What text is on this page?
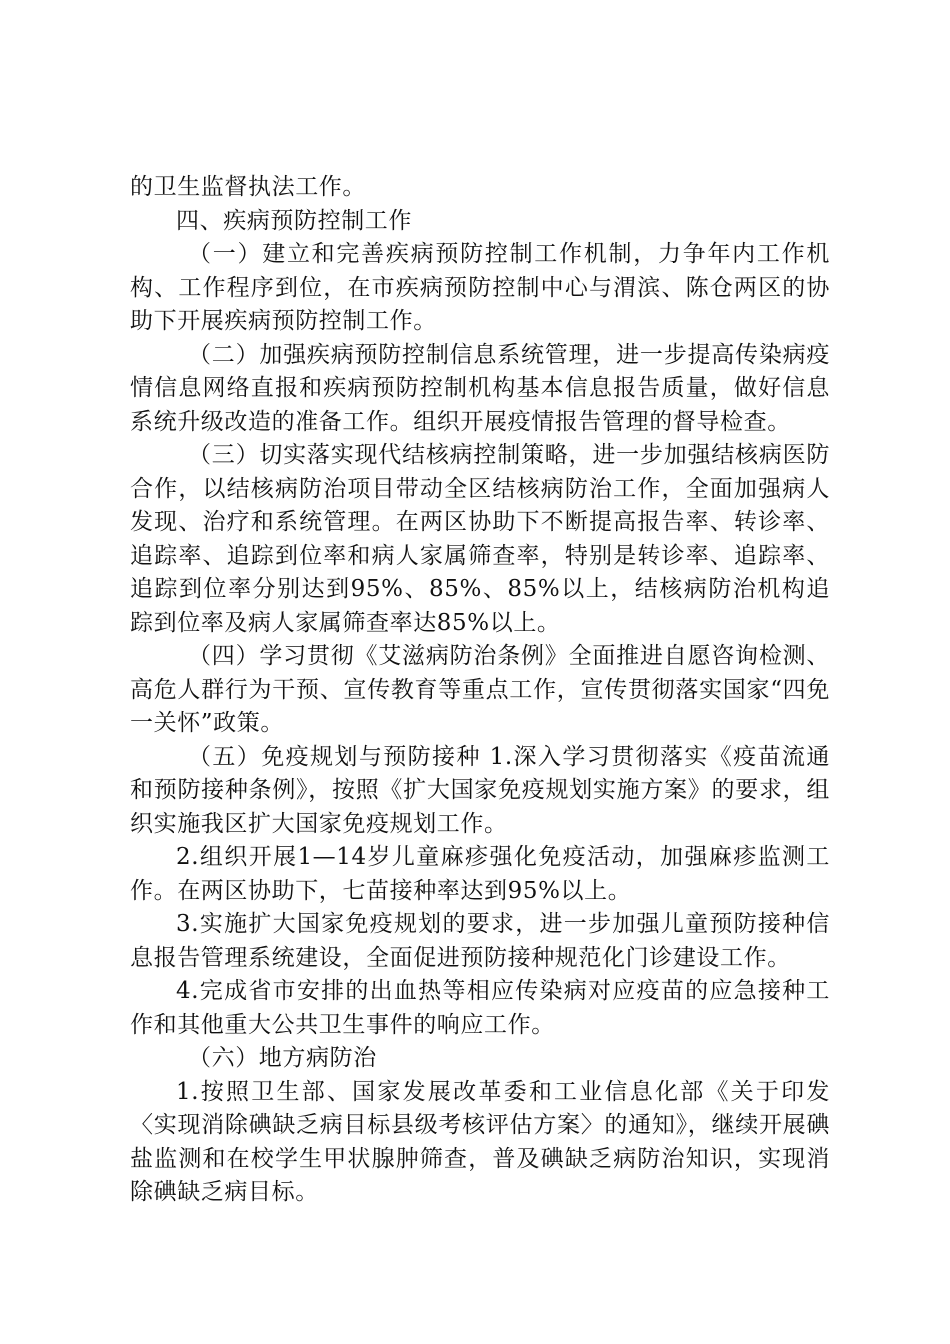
的卫生监督执法工作。

四、疾病预防控制工作

（一）建立和完善疾病预防控制工作机制，力争年内工作机构、工作程序到位，在市疾病预防控制中心与渭滨、陈仓两区的协助下开展疾病预防控制工作。

（二）加强疾病预防控制信息系统管理，进一步提高传染病疫情信息网络直报和疾病预防控制机构基本信息报告质量，做好信息系统升级改造的准备工作。组织开展疫情报告管理的督导检查。

（三）切实落实现代结核病控制策略，进一步加强结核病医防合作，以结核病防治项目带动全区结核病防治工作，全面加强病人发现、治疗和系统管理。在两区协助下不断提高报告率、转诊率、追踪率、追踪到位率和病人家属筛查率，特别是转诊率、追踪率、追踪到位率分别达到95%、85%、85%以上，结核病防治机构追踪到位率及病人家属筛查率达85%以上。

（四）学习贯彻《艾滋病防治条例》全面推进自愿咨询检测、高危人群行为干预、宣传教育等重点工作，宣传贯彻落实国家“四免一关怀”政策。

（五）免疫规划与预防接种 1.深入学习贯彻落实《疫苗流通和预防接种条例》，按照《扩大国家免疫规划实施方案》的要求，组织实施我区扩大国家免疫规划工作。

2.组织开展1—14岁儿童麻疹强化免疫活动，加强麻疹监测工作。在两区协助下，七苗接种率达到95%以上。

3.实施扩大国家免疫规划的要求，进一步加强儿童预防接种信息报告管理系统建设，全面促进预防接种规范化门诊建设工作。

4.完成省市安排的出血热等相应传染病对应疫苗的应急接种工作和其他重大公共卫生事件的响应工作。

（六）地方病防治

1.按照卫生部、国家发展改革委和工业信息化部《关于印发〈实现消除碘缺乏病目标县级考核评估方案〉的通知》，继续开展碘盐监测和在校学生甲状腺肿筛查，普及碘缺乏病防治知识，实现消除碘缺乏病目标。
